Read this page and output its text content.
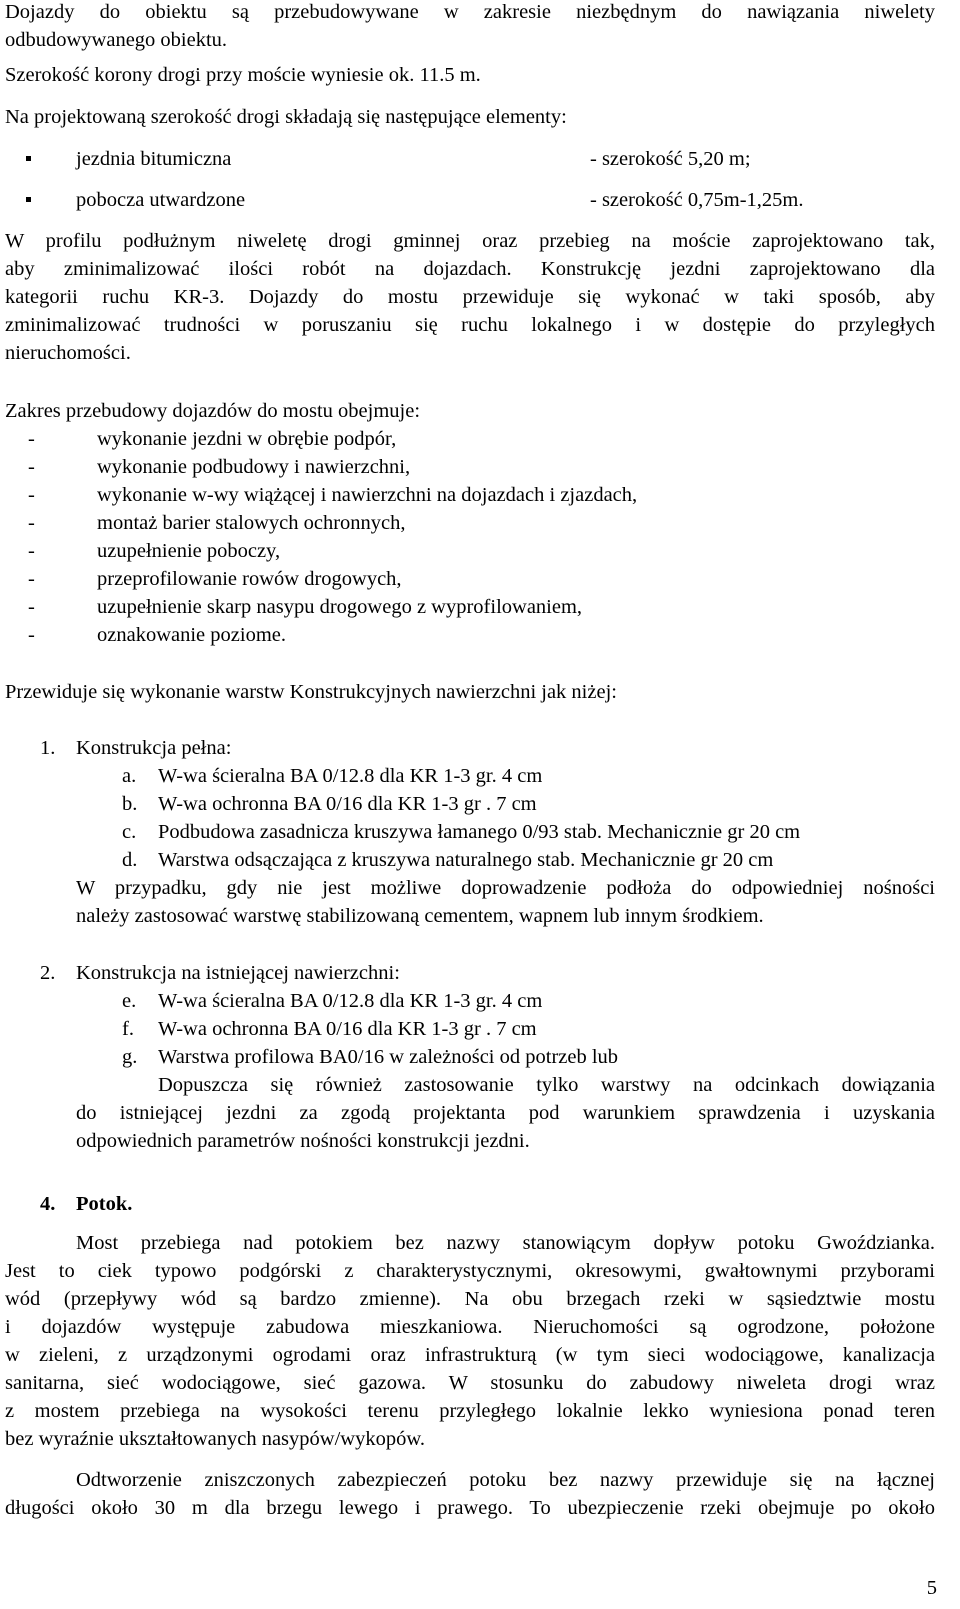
Dojazdy do obiektu są przebudowywane w zakresie niezbędnym do nawiązania niwelety

odbudowywanego obiektu.

Szerokość korony drogi przy moście wyniesie ok. 11.5 m.

Na projektowaną szerokość drogi składają się następujące elementy:

jezdnia bitumiczna	- szerokość 5,20 m;
pobocza utwardzone	- szerokość 0,75m-1,25m.

W profilu podłużnym niweletę drogi gminnej oraz przebieg na moście zaprojektowano tak,

aby zminimalizować ilości robót na dojazdach. Konstrukcję jezdni zaprojektowano dla

kategorii ruchu KR-3. Dojazdy do mostu przewiduje się wykonać w taki sposób, aby

zminimalizować trudności w poruszaniu się ruchu lokalnego i w dostępie do przyległych

nieruchomości.

Zakres przebudowy dojazdów do mostu obejmuje:

-	wykonanie jezdni w obrębie podpór,
-	wykonanie podbudowy i nawierzchni,
-	wykonanie w-wy wiążącej i nawierzchni na dojazdach i zjazdach,
-	montaż barier stalowych ochronnych,
-	uzupełnienie poboczy,
-	przeprofilowanie rowów drogowych,
-	uzupełnienie skarp nasypu drogowego z wyprofilowaniem,
-	oznakowanie poziome.

Przewiduje się wykonanie warstw Konstrukcyjnych nawierzchni jak niżej:

1. Konstrukcja pełna:
a. W-wa ścieralna BA 0/12.8 dla KR 1-3 gr. 4 cm
b. W-wa ochronna BA 0/16 dla KR 1-3 gr . 7 cm
c. Podbudowa zasadnicza kruszywa łamanego 0/93 stab. Mechanicznie gr 20 cm
d. Warstwa odsączająca z kruszywa naturalnego stab. Mechanicznie gr 20 cm

W przypadku, gdy nie jest możliwe doprowadzenie podłoża do odpowiedniej nośności

należy zastosować warstwę stabilizowaną cementem, wapnem lub innym środkiem.

2. Konstrukcja na istniejącej nawierzchni:
e. W-wa ścieralna BA 0/12.8 dla KR 1-3 gr. 4 cm
f. W-wa ochronna BA 0/16 dla KR 1-3 gr . 7 cm
g. Warstwa profilowa BA0/16 w zależności od potrzeb lub

Dopuszcza się również zastosowanie tylko warstwy na odcinkach dowiązania

do istniejącej jezdni za zgodą projektanta pod warunkiem sprawdzenia i uzyskania

odpowiednich parametrów nośności konstrukcji jezdni.

4. Potok.

Most przebiega nad potokiem bez nazwy stanowiącym dopływ potoku Gwoździanka.

Jest to ciek typowo podgórski z charakterystycznymi, okresowymi, gwałtownymi przyborami

wód (przepływy wód są bardzo zmienne). Na obu brzegach rzeki w sąsiedztwie mostu

i dojazdów występuje zabudowa mieszkaniowa. Nieruchomości są ogrodzone, położone

w zieleni, z urządzonymi ogrodami oraz infrastrukturą (w tym sieci wodociągowe, kanalizacja

sanitarna, sieć wodociągowe, sieć gazowa. W stosunku do zabudowy niweleta drogi wraz

z mostem przebiega na wysokości terenu przyległego lokalnie lekko wyniesiona ponad teren

bez wyraźnie ukształtowanych nasypów/wykopów.

Odtworzenie zniszczonych zabezpieczeń potoku bez nazwy przewiduje się na łącznej

długości około 30 m dla brzegu lewego i prawego. To ubezpieczenie rzeki obejmuje po około

5
